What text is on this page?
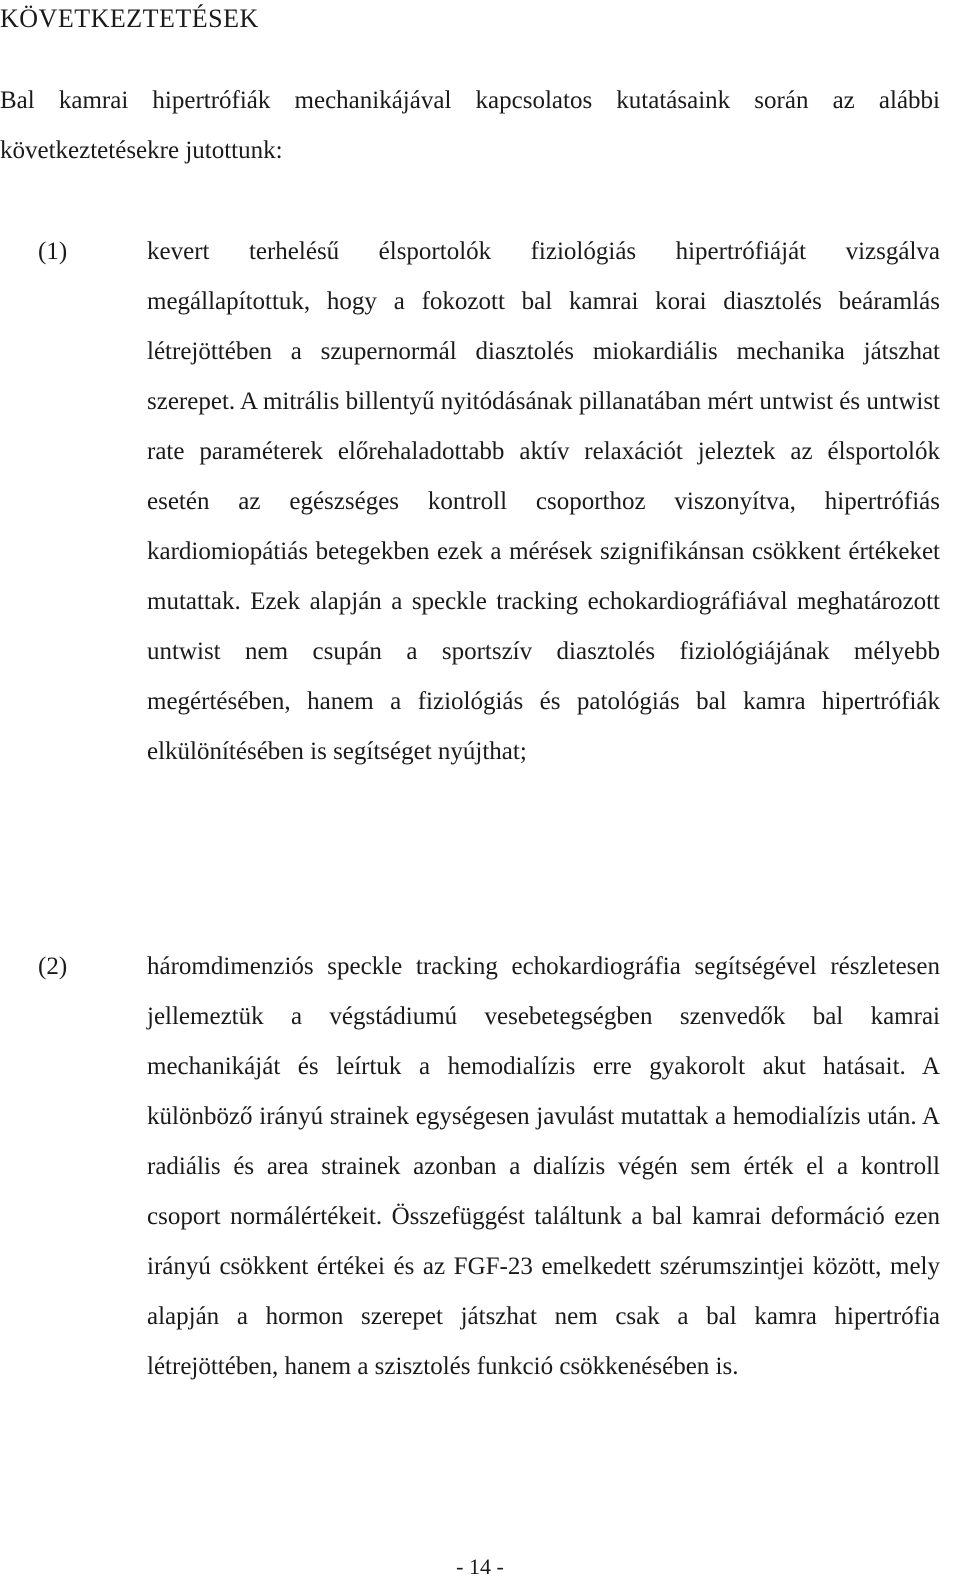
KÖVETKEZTETÉSEK
Bal kamrai hipertrófiák mechanikájával kapcsolatos kutatásaink során az alábbi következtetésekre jutottunk:
(1)	kevert terhelésű élsportolók fiziológiás hipertrófiáját vizsgálva megállapítottuk, hogy a fokozott bal kamrai korai diasztolés beáramlás létrejöttében a szupernormál diasztolés miokardiális mechanika játszhat szerepet. A mitrális billentyű nyitódásának pillanatában mért untwist és untwist rate paraméterek előrehaladottabb aktív relaxációt jeleztek az élsportolók esetén az egészséges kontroll csoporthoz viszonyítva, hipertrófiás kardiomiopátiás betegekben ezek a mérések szignifikánsan csökkent értékeket mutattak. Ezek alapján a speckle tracking echokardiográfiával meghatározott untwist nem csupán a sportszív diasztolés fiziológiájának mélyebb megértésében, hanem a fiziológiás és patológiás bal kamra hipertrófiák elkülönítésében is segítséget nyújthat;
(2)	háromdimenziós speckle tracking echokardiográfia segítségével részletesen jellemeztük a végstádiumú vesebetegségben szenvedők bal kamrai mechanikáját és leírtuk a hemodialízis erre gyakorolt akut hatásait. A különböző irányú strainek egységesen javulást mutattak a hemodialízis után. A radiális és area strainek azonban a dialízis végén sem érték el a kontroll csoport normálértékeit. Összefüggést találtunk a bal kamrai deformáció ezen irányú csökkent értékei és az FGF-23 emelkedett szérumszintjei között, mely alapján a hormon szerepet játszhat nem csak a bal kamra hipertrófia létrejöttében, hanem a szisztolés funkció csökkenésében is.
- 14 -
